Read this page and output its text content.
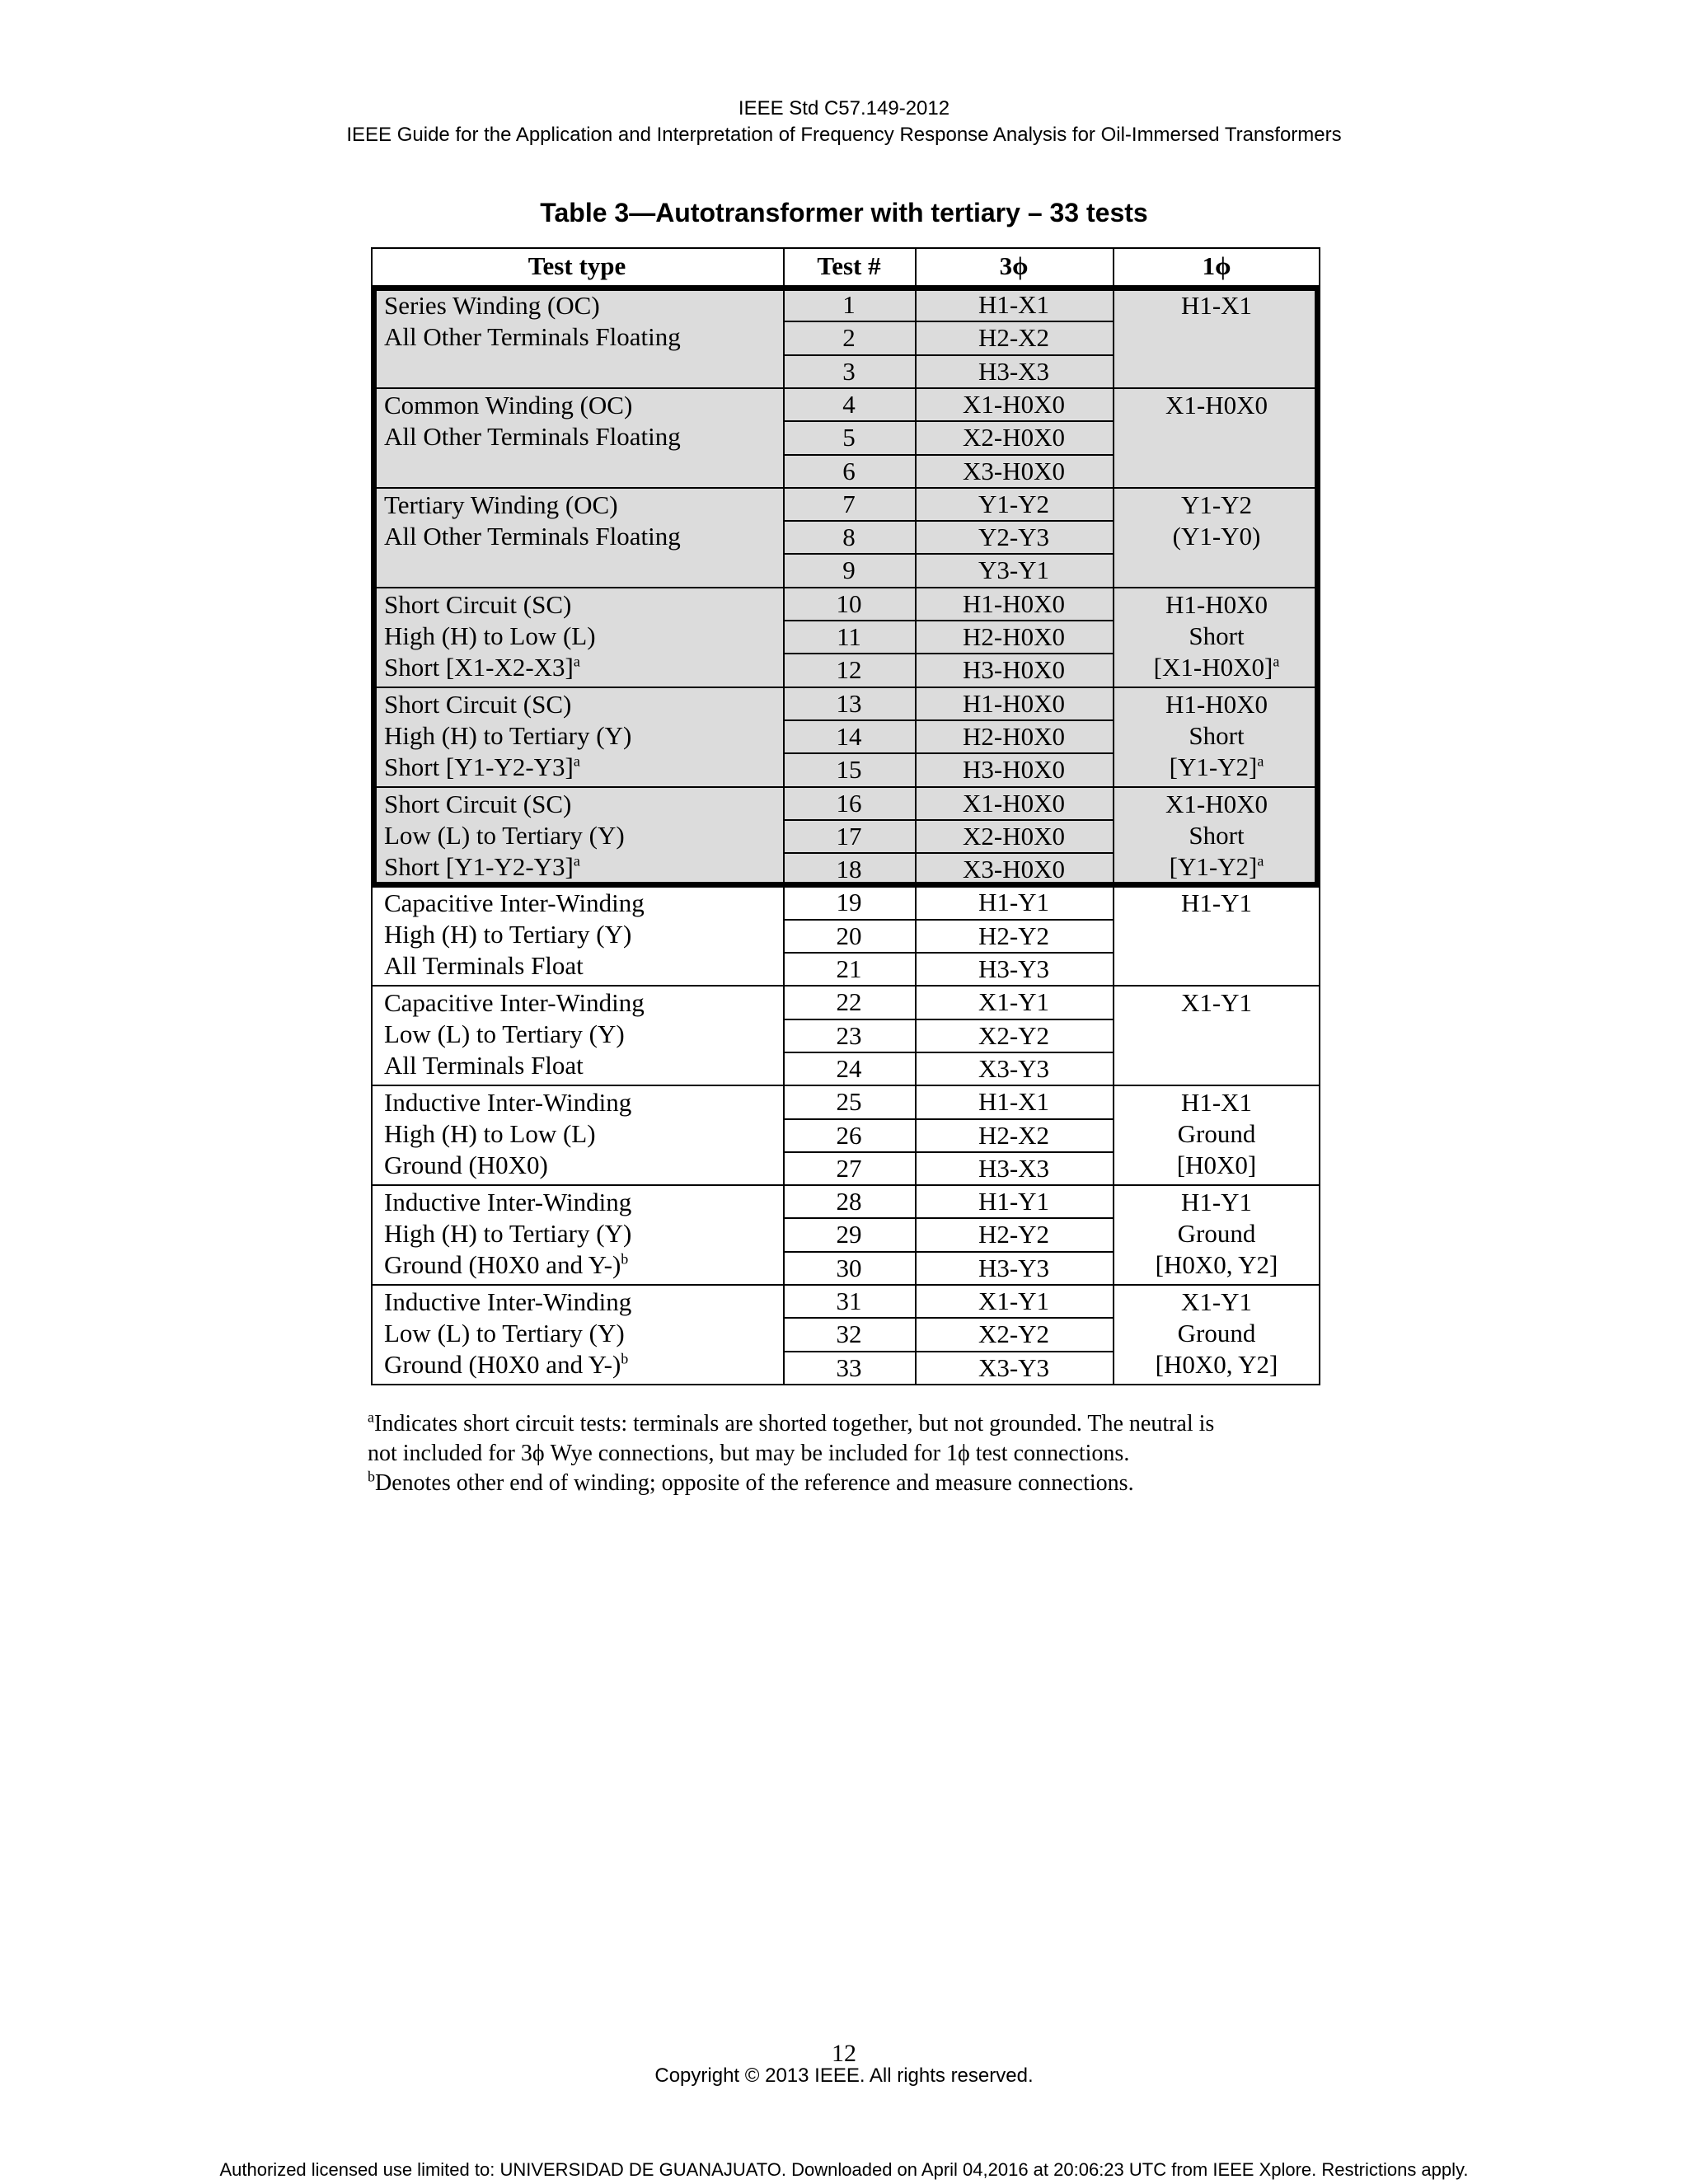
IEEE Std C57.149-2012
IEEE Guide for the Application and Interpretation of Frequency Response Analysis for Oil-Immersed Transformers
Table 3—Autotransformer with tertiary – 33 tests
Test type	Test #	3ϕ	1ϕ
Series Winding (OC)
All Other Terminals Floating
1	H1-X1
2	H2-X2
3	H3-X3
H1-X1
Common Winding (OC)
All Other Terminals Floating
4	X1-H0X0
5	X2-H0X0
6	X3-H0X0
X1-H0X0
Tertiary Winding (OC)
All Other Terminals Floating
7	Y1-Y2
8	Y2-Y3
9	Y3-Y1
Y1-Y2
(Y1-Y0)
Short Circuit (SC)
High (H) to Low (L)
Short $[X1-X2-X3]^a$
10	H1-H0X0
11	H2-H0X0
12	H3-H0X0
H1-H0X0
Short
$[X1-H0X0]^a$
Short Circuit (SC)
High (H) to Tertiary (Y)
Short $[Y1-Y2-Y3]^a$
13	H1-H0X0
14	H2-H0X0
15	H3-H0X0
H1-H0X0
Short
$[Y1-Y2]^a$
Short Circuit (SC)
Low (L) to Tertiary (Y)
Short $[Y1-Y2-Y3]^a$
16	X1-H0X0
17	X2-H0X0
18	X3-H0X0
X1-H0X0
Short
$[Y1-Y2]^a$
Capacitive Inter-Winding
High (H) to Tertiary (Y)
All Terminals Float
19	H1-Y1
20	H2-Y2
21	H3-Y3
H1-Y1
Capacitive Inter-Winding
Low (L) to Tertiary (Y)
All Terminals Float
22	X1-Y1
23	X2-Y2
24	X3-Y3
X1-Y1
Inductive Inter-Winding
High (H) to Low (L)
Ground (H0X0)
25	H1-X1
26	H2-X2
27	H3-X3
H1-X1
Ground
[H0X0]
Inductive Inter-Winding
High (H) to Tertiary (Y)
Ground (H0X0 and Y-)$^b$
28	H1-Y1
29	H2-Y2
30	H3-Y3
H1-Y1
Ground
[H0X0, Y2]
Inductive Inter-Winding
Low (L) to Tertiary (Y)
Ground (H0X0 and Y-)$^b$
31	X1-Y1
32	X2-Y2
33	X3-Y3
X1-Y1
Ground
[H0X0, Y2]
$^a$Indicates short circuit tests: terminals are shorted together, but not grounded. The neutral is
not included for 3ϕ Wye connections, but may be included for 1ϕ test connections.
$^b$Denotes other end of winding; opposite of the reference and measure connections.
12
Copyright © 2013 IEEE. All rights reserved.
Authorized licensed use limited to: UNIVERSIDAD DE GUANAJUATO. Downloaded on April 04,2016 at 20:06:23 UTC from IEEE Xplore. Restrictions apply.
